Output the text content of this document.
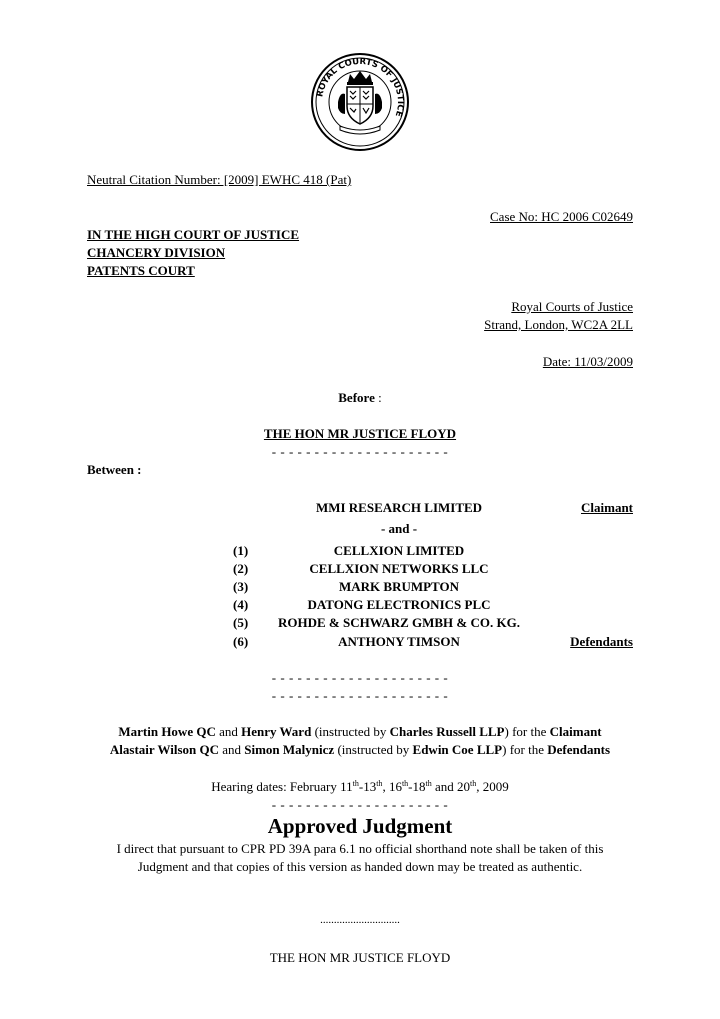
ROYAL COURTS OF JUSTICE
Neutral Citation Number: [2009] EWHC 418 (Pat)
Case No: HC 2006 C02649
IN THE HIGH COURT OF JUSTICE
CHANCERY DIVISION
PATENTS COURT
Royal Courts of Justice
Strand, London, WC2A 2LL
Date: 11/03/2009
Before :
THE HON MR JUSTICE FLOYD
- - - - - - - - - - - - - - - - - - - - -
Between :
MMI RESEARCH LIMITED	Claimant
- and -
(1)	CELLXION LIMITED
(2)	CELLXION NETWORKS LLC
(3)	MARK BRUMPTON
(4)	DATONG ELECTRONICS PLC
(5)	ROHDE & SCHWARZ GMBH & CO. KG.
(6)	ANTHONY TIMSON	Defendants
- - - - - - - - - - - - - - - - - - - - -
- - - - - - - - - - - - - - - - - - - - -
Martin Howe QC and Henry Ward (instructed by Charles Russell LLP) for the Claimant
Alastair Wilson QC and Simon Malynicz (instructed by Edwin Coe LLP) for the Defendants
Hearing dates: February 11th-13th, 16th-18th and 20th, 2009
- - - - - - - - - - - - - - - - - - - - -
Approved Judgment
I direct that pursuant to CPR PD 39A para 6.1 no official shorthand note shall be taken of this
Judgment and that copies of this version as handed down may be treated as authentic.
.............................
THE HON MR JUSTICE FLOYD
